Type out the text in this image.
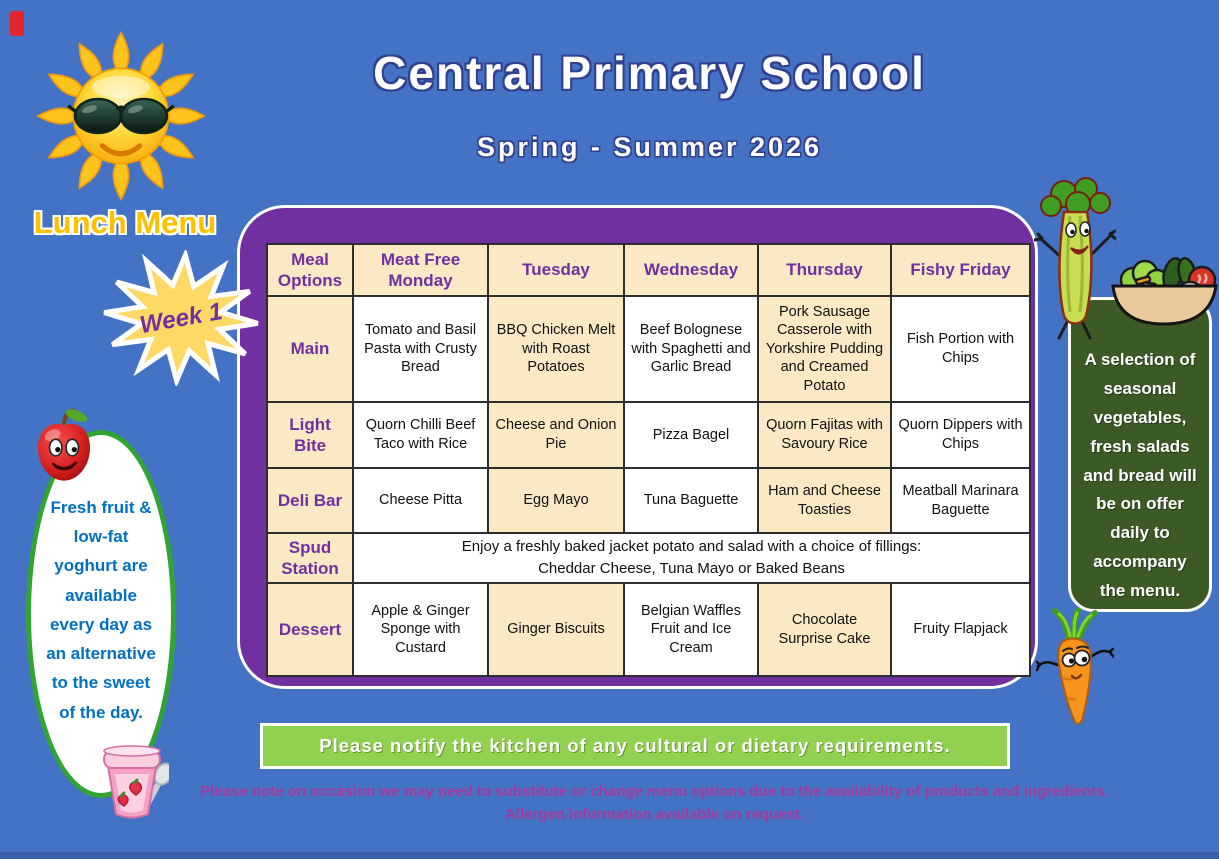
Central Primary School
Spring - Summer 2026
Lunch Menu
Meal Options	Meat Free Monday	Tuesday	Wednesday	Thursday	Fishy Friday
Main	Tomato and Basil Pasta with Crusty Bread	BBQ Chicken Melt with Roast Potatoes	Beef Bolognese with Spaghetti and Garlic Bread	Pork Sausage Casserole with Yorkshire Pudding and Creamed Potato	Fish Portion with Chips
Light Bite	Quorn Chilli Beef Taco with Rice	Cheese and Onion Pie	Pizza Bagel	Quorn Fajitas with Savoury Rice	Quorn Dippers with Chips
Deli Bar	Cheese Pitta	Egg Mayo	Tuna Baguette	Ham and Cheese Toasties	Meatball Marinara Baguette
Spud Station	Enjoy a freshly baked jacket potato and salad with a choice of fillings:
Cheddar Cheese, Tuna Mayo or Baked Beans				

Dessert	Apple & Ginger Sponge with Custard	Ginger Biscuits	Belgian Waffles Fruit and Ice Cream	Chocolate Surprise Cake	Fruity Flapjack
Week 1
Fresh fruit & low-fat yoghurt are available every day as an alternative to the sweet of the day.
A selection of seasonal vegetables, fresh salads and bread will be on offer daily to accompany the menu.
Please notify the kitchen of any cultural or dietary requirements.
Please note on occasion we may need to substitute or change menu options due to the availability of products and ingredients.
Allergen information available on request.
